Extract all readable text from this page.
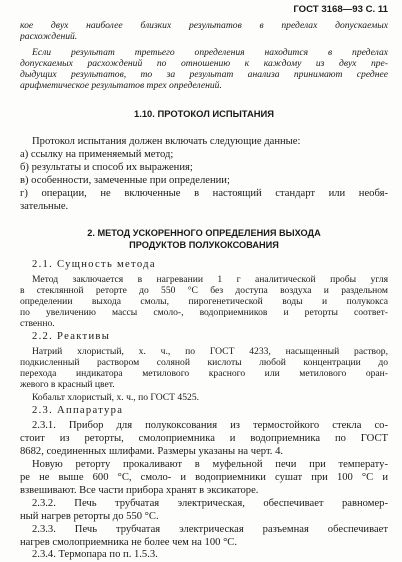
ГОСТ 3168—93 С. 11
кое двух наиболее близких результатов в пределах допускаемых
расхождений.
Если результат третьего определения находится в пределах
допускаемых расхождений по отношению к каждому из двух пре-
дыдущих результатов, то за результат анализа принимают среднее
арифметическое результатов трех определений.
1.10. ПРОТОКОЛ ИСПЫТАНИЯ
Протокол испытания должен включать следующие данные:
а) ссылку на применяемый метод;
б) результаты и способ их выражения;
в) особенности, замеченные при определении;
г) операции, не включенные в настоящий стандарт или необя-
зательные.
2. МЕТОД УСКОРЕННОГО ОПРЕДЕЛЕНИЯ ВЫХОДА
ПРОДУКТОВ ПОЛУКОКСОВАНИЯ
2.1. Сущность метода
Метод заключается в нагревании 1 г аналитической пробы угля
в стеклянной реторте до 550 °С без доступа воздуха и раздельном
определении выхода смолы, пирогенетической воды и полукокса
по увеличению массы смоло-, водоприемников и реторты соответ-
ственно.
2.2. Реактивы
Натрий хлористый, х. ч., по ГОСТ 4233, насыщенный раствор,
подкисленный раствором соляной кислоты любой концентрации до
перехода индикатора метилового красного или метилового оран-
жевого в красный цвет.
Кобальт хлористый, х. ч., по ГОСТ 4525.
2.3. Аппаратура
2.3.1. Прибор для полукоксования из термостойкого стекла со-
стоит из реторты, смолоприемника и водоприемника по ГОСТ
8682, соединенных шлифами. Размеры указаны на черт. 4.
Новую реторту прокаливают в муфельной печи при температу-
ре не выше 600 °С, смоло- и водоприемники сушат при 100 °С и
взвешивают. Все части прибора хранят в эксикаторе.
2.3.2. Печь трубчатая электрическая, обеспечивает равномер-
ный нагрев реторты до 550 °С.
2.3.3. Печь трубчатая электрическая разъемная обеспечивает
нагрев смолоприемника не более чем на 100 °С.
2.3.4. Термопара по п. 1.5.3.
